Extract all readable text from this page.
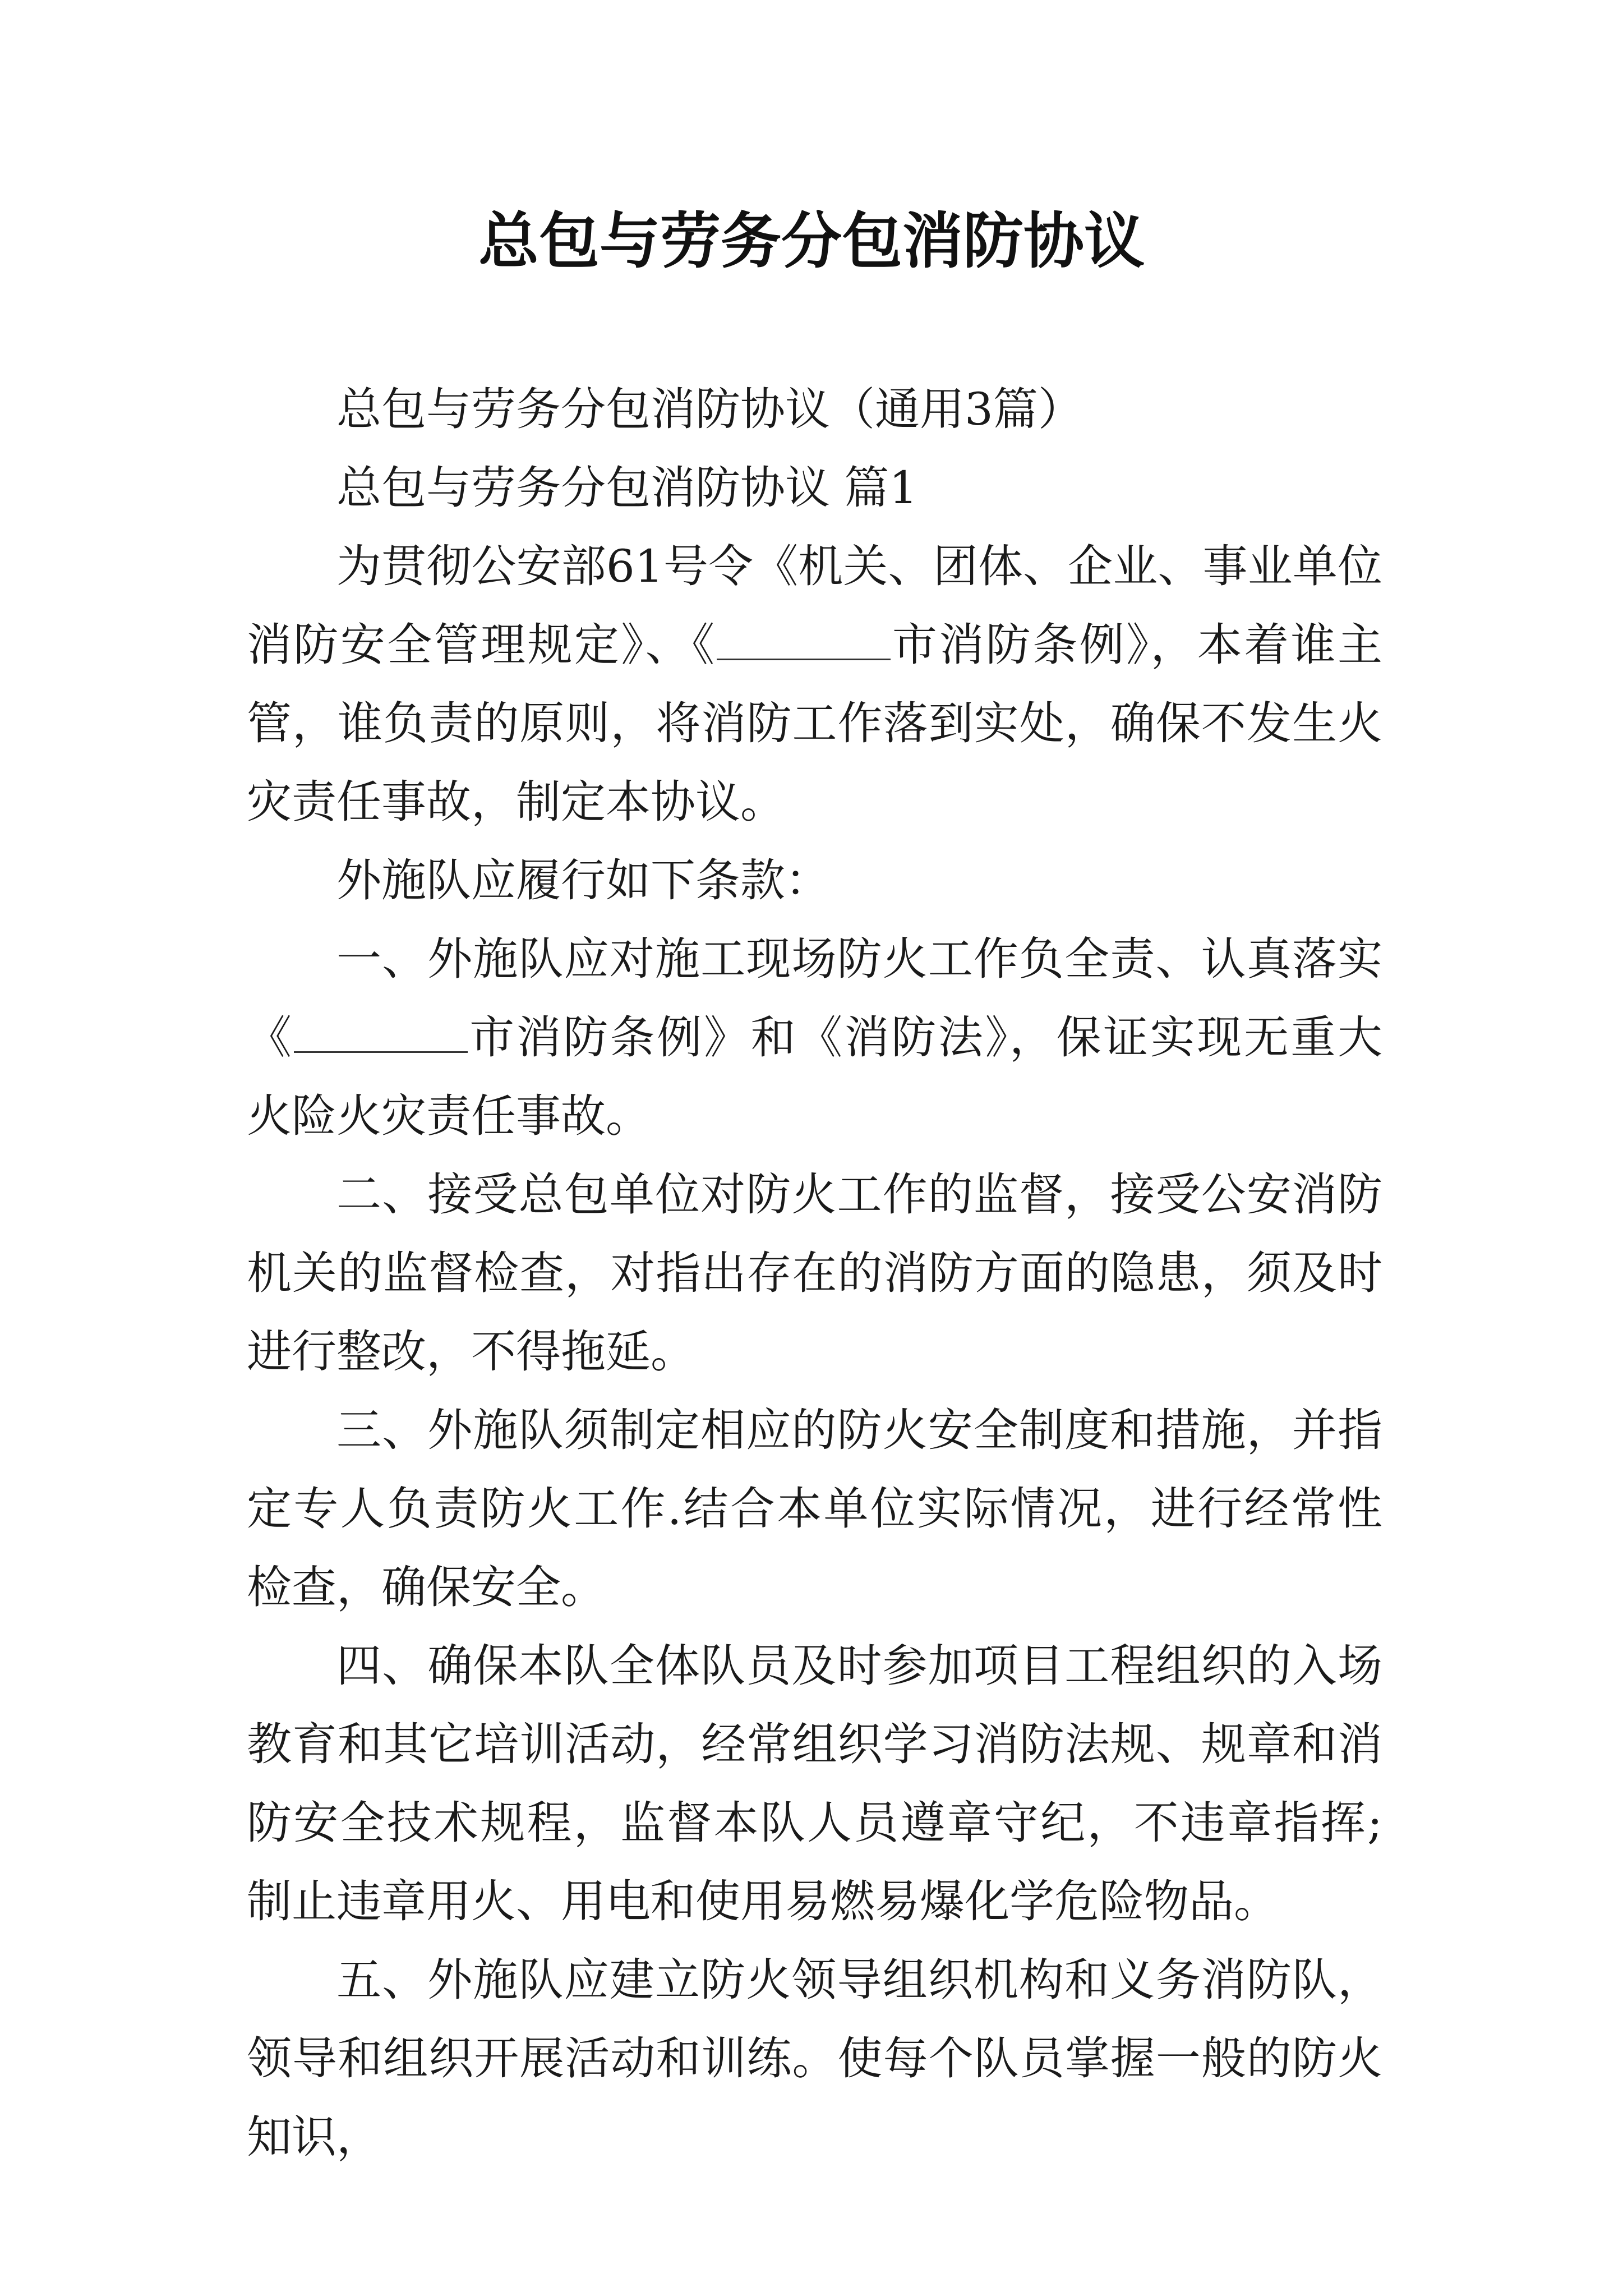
总包与劳务分包消防协议

总包与劳务分包消防协议（通用3篇）

总包与劳务分包消防协议 篇1

为贯彻公安部61号令《机关、团体、企业、事业单位消防安全管理规定》、《	市消防条例》，本着谁主管，谁负责的原则，将消防工作落到实处，确保不发生火灾责任事故，制定本协议。

外施队应履行如下条款：

一、外施队应对施工现场防火工作负全责、认真落实《	市消防条例》和《消防法》，保证实现无重大火险火灾责任事故。

二、接受总包单位对防火工作的监督，接受公安消防机关的监督检查，对指出存在的消防方面的隐患，须及时进行整改，不得拖延。

三、外施队须制定相应的防火安全制度和措施，并指定专人负责防火工作.结合本单位实际情况，进行经常性检查，确保安全。

四、确保本队全体队员及时参加项目工程组织的入场教育和其它培训活动，经常组织学习消防法规、规章和消防安全技术规程，监督本队人员遵章守纪，不违章指挥;制止违章用火、用电和使用易燃易爆化学危险物品。

五、外施队应建立防火领导组织机构和义务消防队，领导和组织开展活动和训练。使每个队员掌握一般的防火知识，
